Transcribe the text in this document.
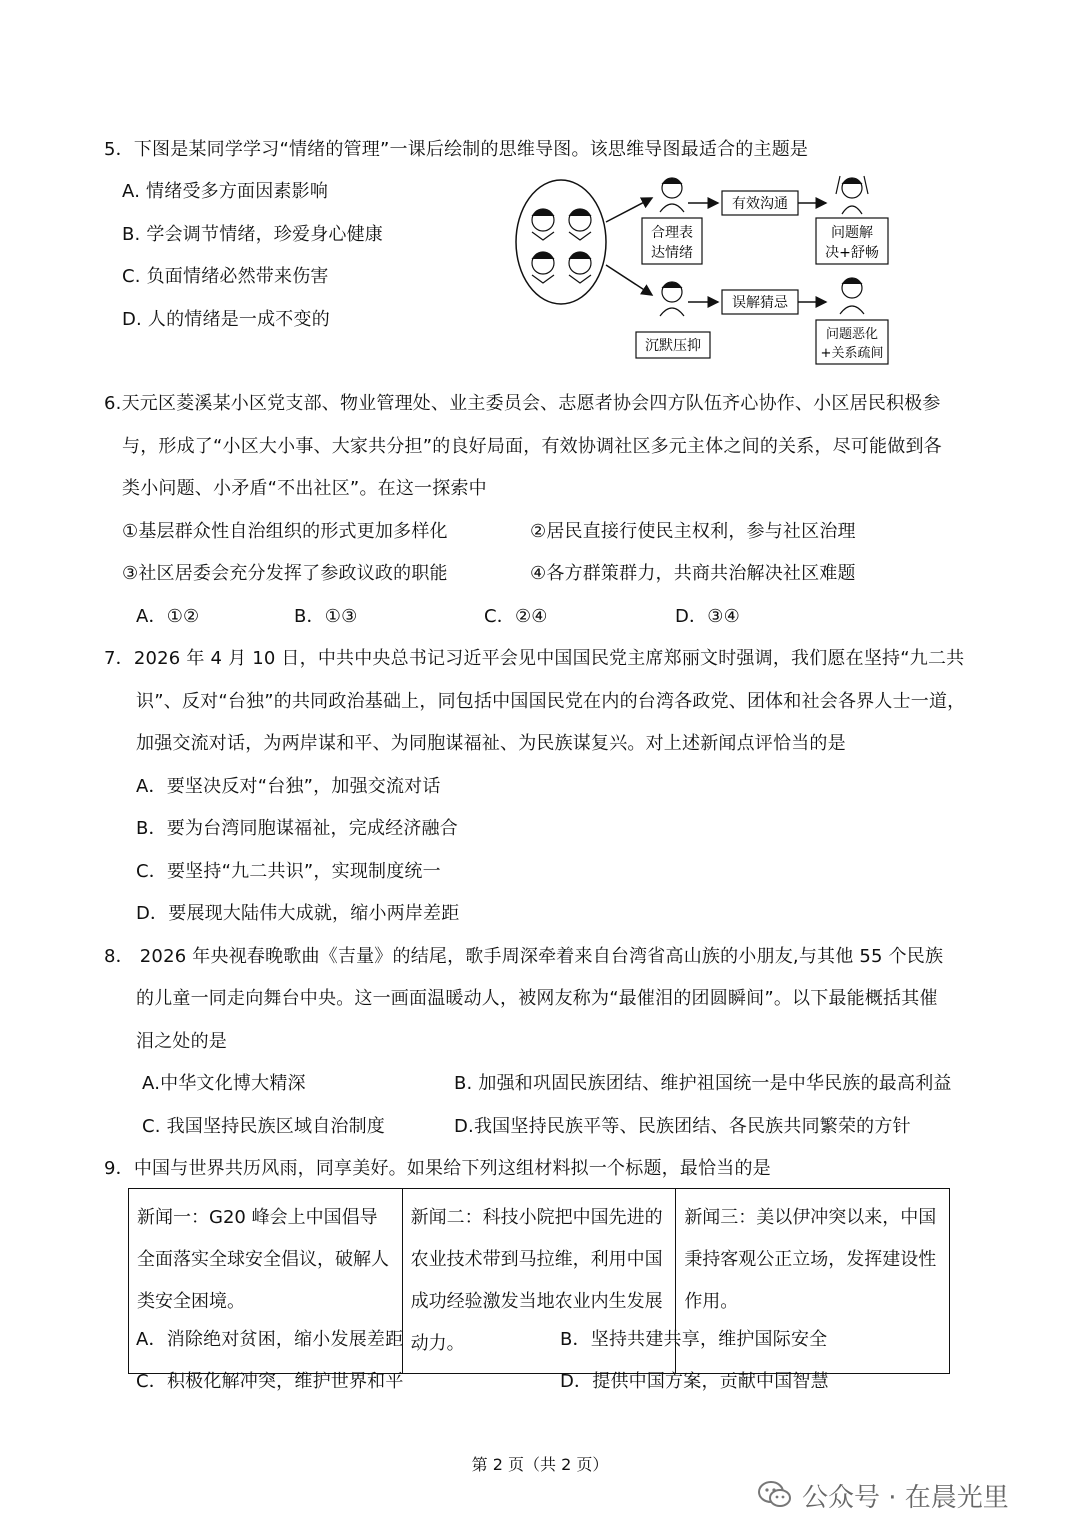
5．下图是某同学学习“情绪的管理”一课后绘制的思维导图。该思维导图最适合的主题是
A. 情绪受多方面因素影响
B. 学会调节情绪，珍爱身心健康
C. 负面情绪必然带来伤害
D. 人的情绪是一成不变的
合理表
达情绪
有效沟通
问题解
决+舒畅
沉默压抑
误解猜忌
问题恶化
+关系疏间
6.天元区菱溪某小区党支部、物业管理处、业主委员会、志愿者协会四方队伍齐心协作、小区居民积极参
与，形成了“小区大小事、大家共分担”的良好局面，有效协调社区多元主体之间的关系，尽可能做到各
类小问题、小矛盾“不出社区”。在这一探索中
①基层群众性自治组织的形式更加多样化	②居民直接行使民主权利，参与社区治理
③社区居委会充分发挥了参政议政的职能	④各方群策群力，共商共治解决社区难题
A．①②	B．①③	C．②④	D．③④
7．2026 年 4 月 10 日，中共中央总书记习近平会见中国国民党主席郑丽文时强调，我们愿在坚持“九二共
识”、反对“台独”的共同政治基础上，同包括中国国民党在内的台湾各政党、团体和社会各界人士一道，
加强交流对话，为两岸谋和平、为同胞谋福祉、为民族谋复兴。对上述新闻点评恰当的是
A．要坚决反对“台独”，加强交流对话
B．要为台湾同胞谋福祉，完成经济融合
C．要坚持“九二共识”，实现制度统一
D．要展现大陆伟大成就，缩小两岸差距
8． 2026 年央视春晚歌曲《吉量》的结尾，歌手周深牵着来自台湾省高山族的小朋友,与其他 55 个民族
的儿童一同走向舞台中央。这一画面温暖动人，被网友称为“最催泪的团圆瞬间”。以下最能概括其催
泪之处的是
A.中华文化博大精深	B. 加强和巩固民族团结、维护祖国统一是中华民族的最高利益
C. 我国坚持民族区域自治制度	D.我国坚持民族平等、民族团结、各民族共同繁荣的方针
9．中国与世界共历风雨，同享美好。如果给下列这组材料拟一个标题，最恰当的是
新闻一：G20 峰会上中国倡导全面落实全球安全倡议，破解人类安全困境。	新闻二：科技小院把中国先进的农业技术带到马拉维，利用中国成功经验激发当地农业内生发展动力。	新闻三：美以伊冲突以来，中国秉持客观公正立场，发挥建设性作用。
A．消除绝对贫困，缩小发展差距	B．坚持共建共享，维护国际安全
C．积极化解冲突，维护世界和平	D．提供中国方案，贡献中国智慧
第 2 页（共 2 页）
公众号 · 在晨光里
